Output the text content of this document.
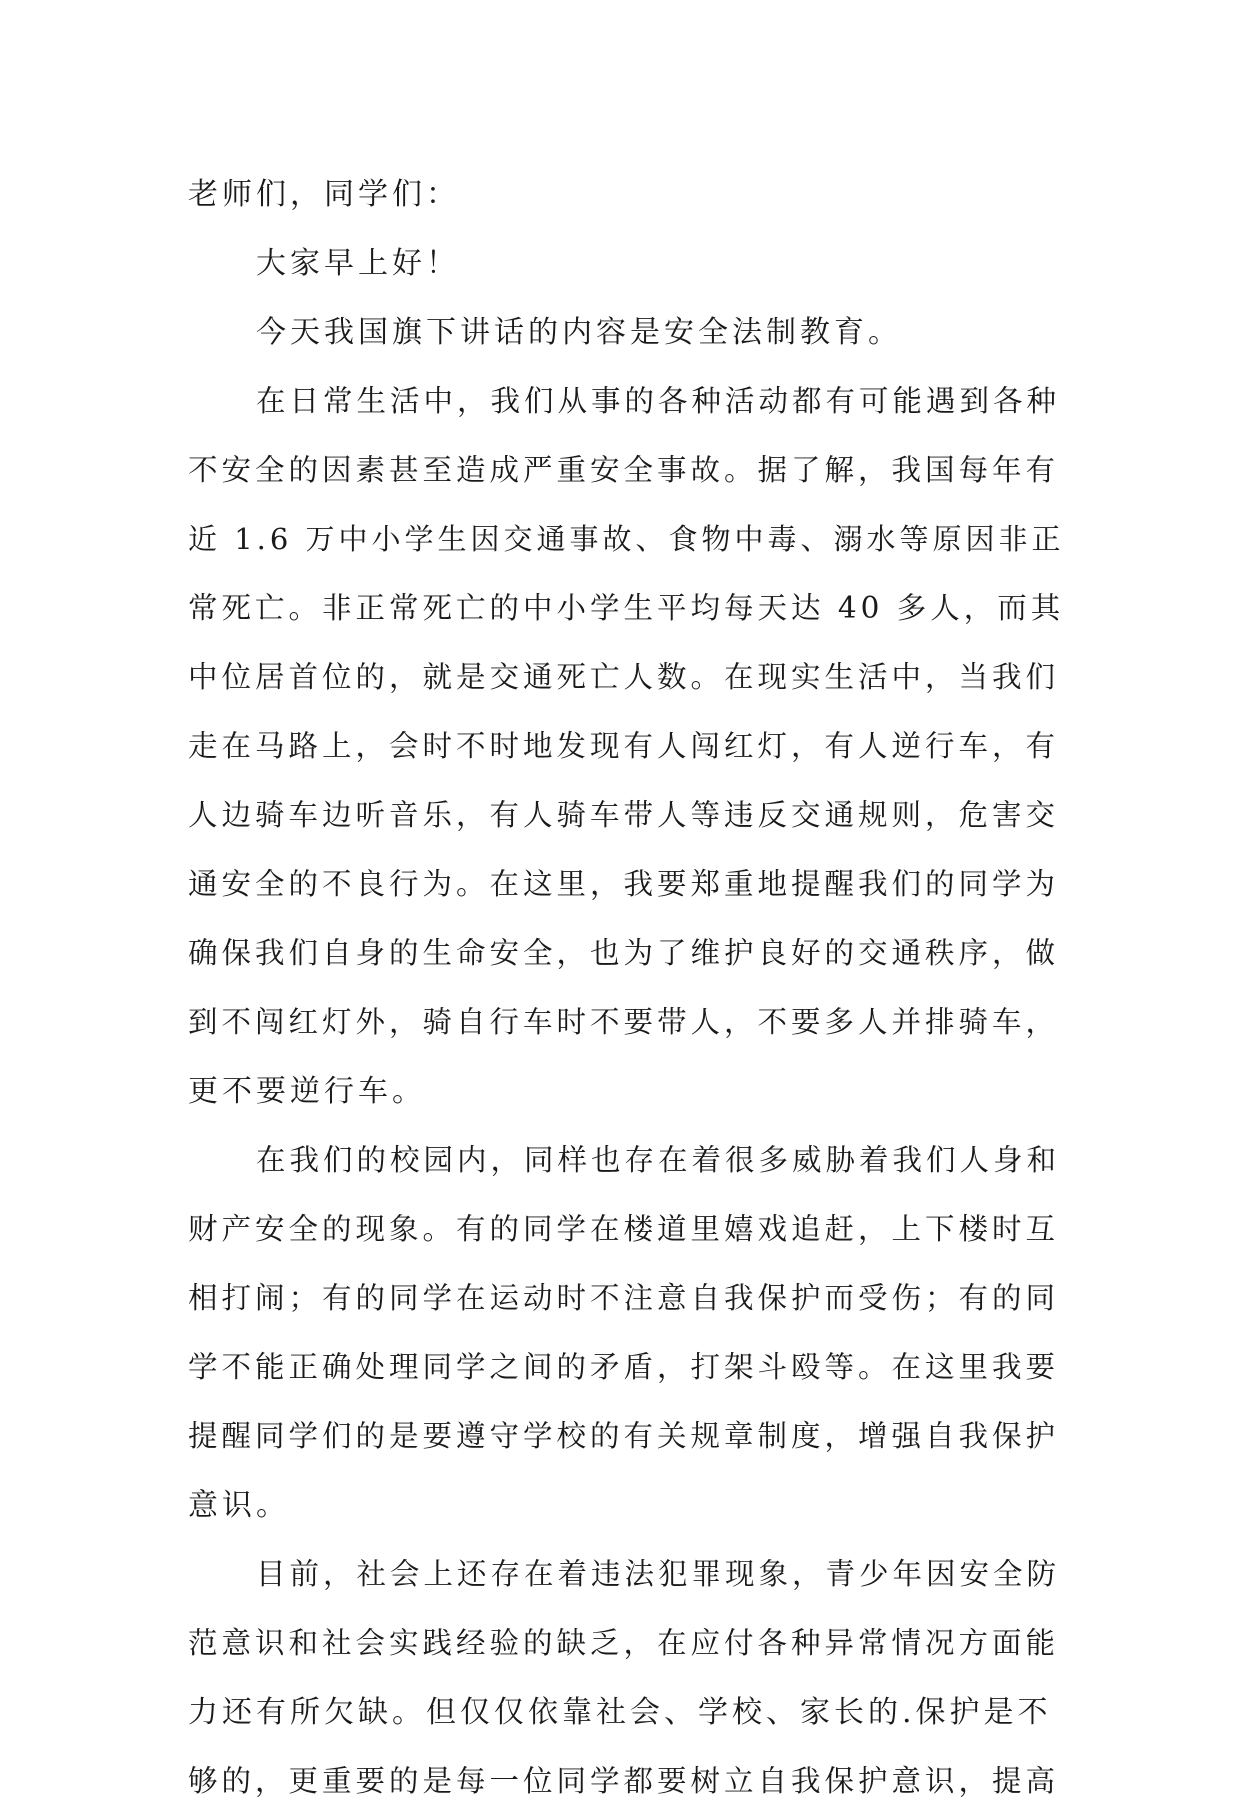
老师们，同学们：

大家早上好！

今天我国旗下讲话的内容是安全法制教育。

在日常生活中，我们从事的各种活动都有可能遇到各种

不安全的因素甚至造成严重安全事故。据了解，我国每年有

近 1.6 万中小学生因交通事故、食物中毒、溺水等原因非正

常死亡。非正常死亡的中小学生平均每天达 40 多人，而其

中位居首位的，就是交通死亡人数。在现实生活中，当我们

走在马路上，会时不时地发现有人闯红灯，有人逆行车，有

人边骑车边听音乐，有人骑车带人等违反交通规则，危害交

通安全的不良行为。在这里，我要郑重地提醒我们的同学为

确保我们自身的生命安全，也为了维护良好的交通秩序，做

到不闯红灯外，骑自行车时不要带人，不要多人并排骑车，

更不要逆行车。

在我们的校园内，同样也存在着很多威胁着我们人身和

财产安全的现象。有的同学在楼道里嬉戏追赶，上下楼时互

相打闹；有的同学在运动时不注意自我保护而受伤；有的同

学不能正确处理同学之间的矛盾，打架斗殴等。在这里我要

提醒同学们的是要遵守学校的有关规章制度，增强自我保护

意识。

目前，社会上还存在着违法犯罪现象，青少年因安全防

范意识和社会实践经验的缺乏，在应付各种异常情况方面能

力还有所欠缺。但仅仅依靠社会、学校、家长的.保护是不

够的，更重要的是每一位同学都要树立自我保护意识，提高
